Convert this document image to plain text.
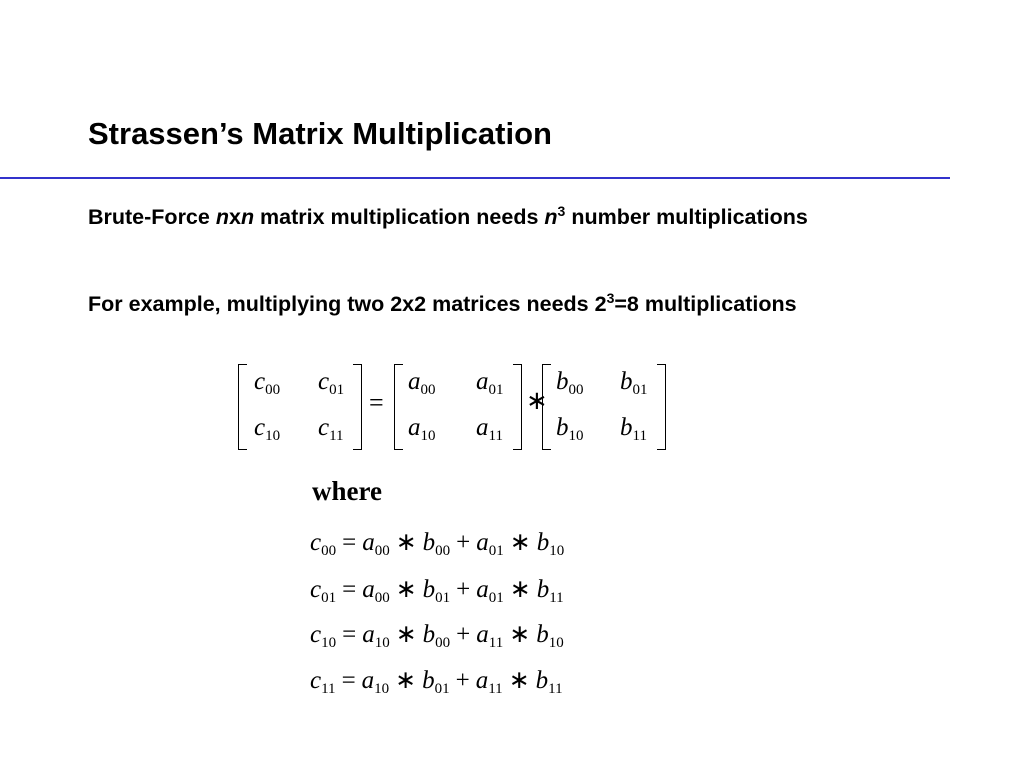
Strassen’s Matrix Multiplication
Brute-Force nxn matrix multiplication needs $n^3$ number multiplications
For example, multiplying two 2x2 matrices needs $2^3=8$ multiplications
$c_{00}$ $c_{01}$
$c_{10}$ $c_{11}$
=
$a_{00}$ $a_{01}$
$a_{10}$ $a_{11}$
∗
$b_{00}$ $b_{01}$
$b_{10}$ $b_{11}$
where
$c_{00} = a_{00}$ ∗ $b_{00} + a_{01}$ ∗ $b_{10}$
$c_{01} = a_{00}$ ∗ $b_{01} + a_{01}$ ∗ $b_{11}$
$c_{10} = a_{10}$ ∗ $b_{00} + a_{11}$ ∗ $b_{10}$
$c_{11} = a_{10}$ ∗ $b_{01} + a_{11}$ ∗ $b_{11}$
